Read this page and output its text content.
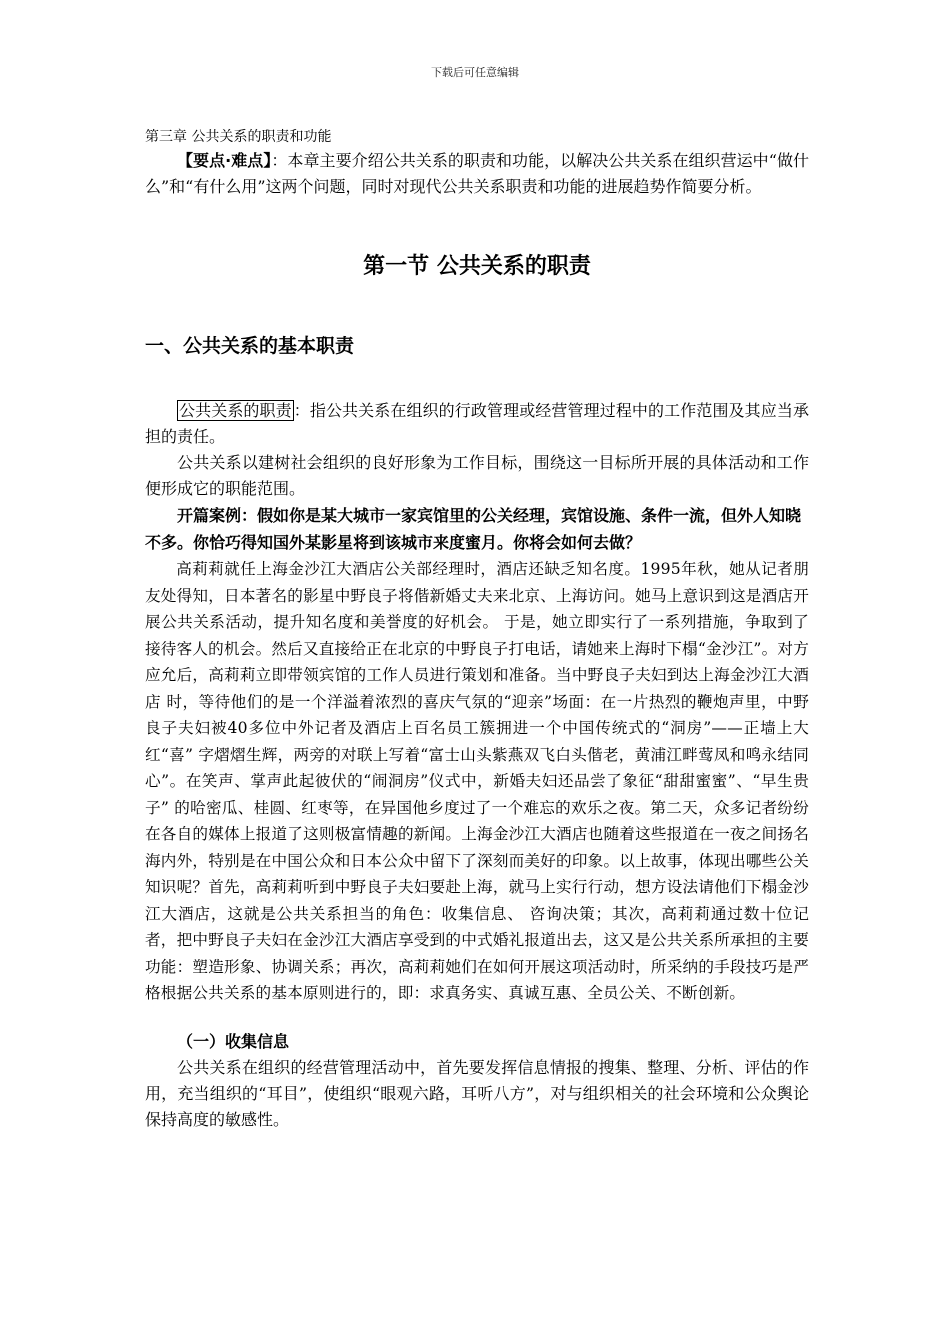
下载后可任意编辑

第三章 公共关系的职责和功能

【要点·难点】：本章主要介绍公共关系的职责和功能，以解决公共关系在组织营运中“做什么”和“有什么用”这两个问题，同时对现代公共关系职责和功能的进展趋势作简要分析。

第一节 公共关系的职责
一、公共关系的基本职责

公共关系的职责 ：指公共关系在组织的行政管理或经营管理过程中的工作范围及其应当承担的责任。

公共关系以建树社会组织的良好形象为工作目标，围绕这一目标所开展的具体活动和工作便形成它的职能范围。

开篇案例：假如你是某大城市一家宾馆里的公关经理，宾馆设施、条件一流，但外人知晓不多。你恰巧得知国外某影星将到该城市来度蜜月。你将会如何去做？

高莉莉就任上海金沙江大酒店公关部经理时，酒店还缺乏知名度。1995年秋，她从记者朋友处得知，日本著名的影星中野良子将偕新婚丈夫来北京、上海访问。她马上意识到这是酒店开展公共关系活动，提升知名度和美誉度的好机会。 于是，她立即实行了一系列措施，争取到了接待客人的机会。然后又直接给正在北京的中野良子打电话，请她来上海时下榻“金沙江”。对方应允后，高莉莉立即带领宾馆的工作人员进行策划和准备。当中野良子夫妇到达上海金沙江大酒店 时，等待他们的是一个洋溢着浓烈的喜庆气氛的“迎亲”场面：在一片热烈的鞭炮声里，中野良子夫妇被40多位中外记者及酒店上百名员工簇拥进一个中国传统式的“洞房”——正墙上大红“喜” 字熠熠生辉，两旁的对联上写着“富士山头紫燕双飞白头偕老，黄浦江畔莺凤和鸣永结同心”。在笑声、掌声此起彼伏的“闹洞房”仪式中，新婚夫妇还品尝了象征“甜甜蜜蜜”、“早生贵子” 的哈密瓜、桂圆、红枣等，在异国他乡度过了一个难忘的欢乐之夜。第二天，众多记者纷纷在各自的媒体上报道了这则极富情趣的新闻。上海金沙江大酒店也随着这些报道在一夜之间扬名海内外，特别是在中国公众和日本公众中留下了深刻而美好的印象。以上故事，体现出哪些公关知识呢？首先，高莉莉听到中野良子夫妇要赴上海，就马上实行行动，想方设法请他们下榻金沙江大酒店，这就是公共关系担当的角色：收集信息、 咨询决策；其次，高莉莉通过数十位记者，把中野良子夫妇在金沙江大酒店享受到的中式婚礼报道出去，这又是公共关系所承担的主要功能：塑造形象、协调关系；再次，高莉莉她们在如何开展这项活动时，所采纳的手段技巧是严格根据公共关系的基本原则进行的，即：求真务实、真诚互惠、全员公关、不断创新。

（一）收集信息

公共关系在组织的经营管理活动中，首先要发挥信息情报的搜集、整理、分析、评估的作用，充当组织的“耳目”，使组织“眼观六路，耳听八方”，对与组织相关的社会环境和公众舆论保持高度的敏感性。
